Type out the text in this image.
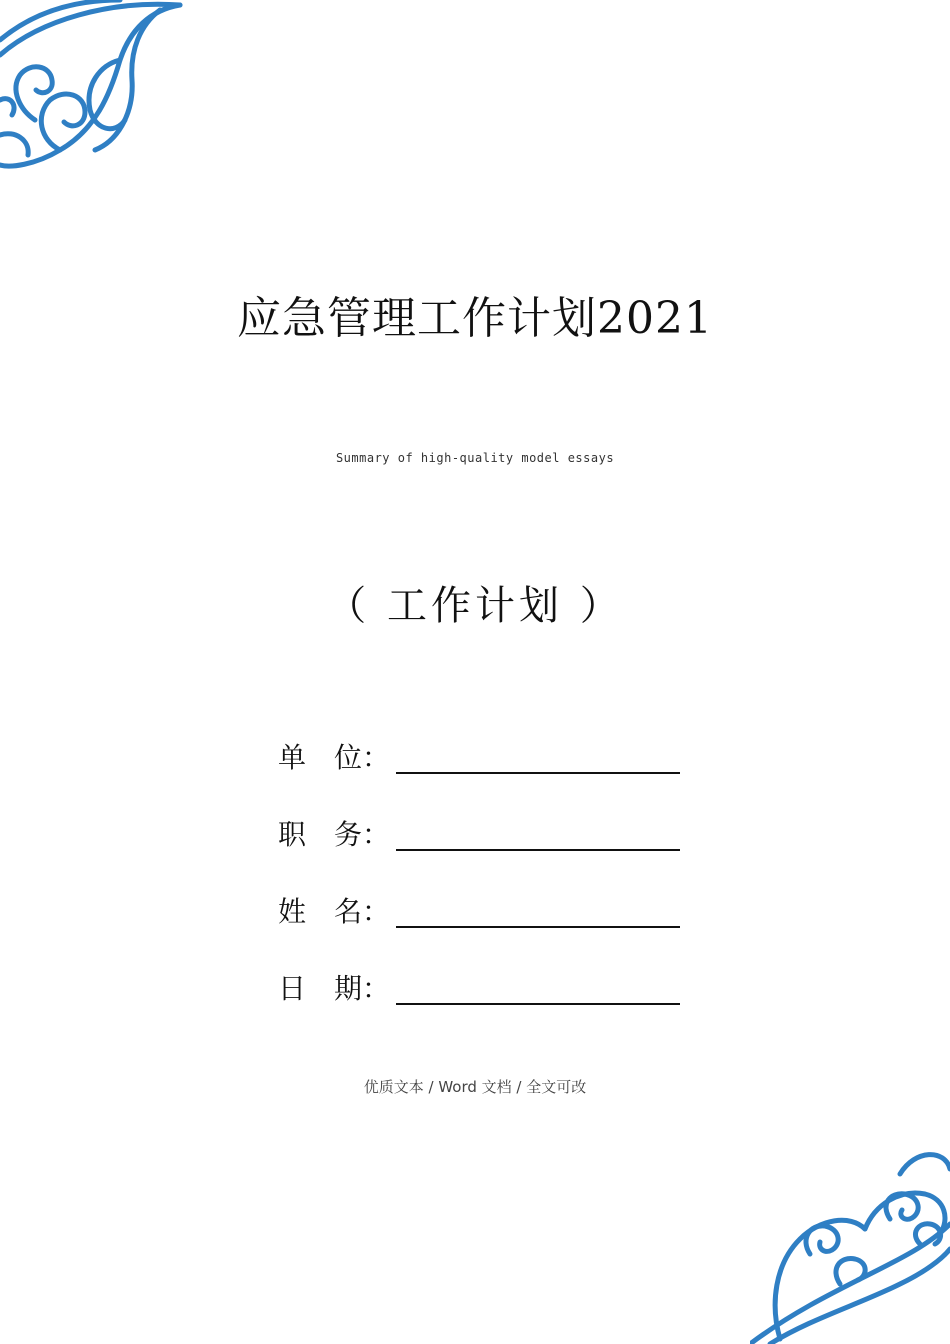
应急管理工作计划2021
Summary of high-quality model essays
（ 工作计划 ）
单　位：
职　务：
姓　名：
日　期：
优质文本 / Word 文档 / 全文可改
